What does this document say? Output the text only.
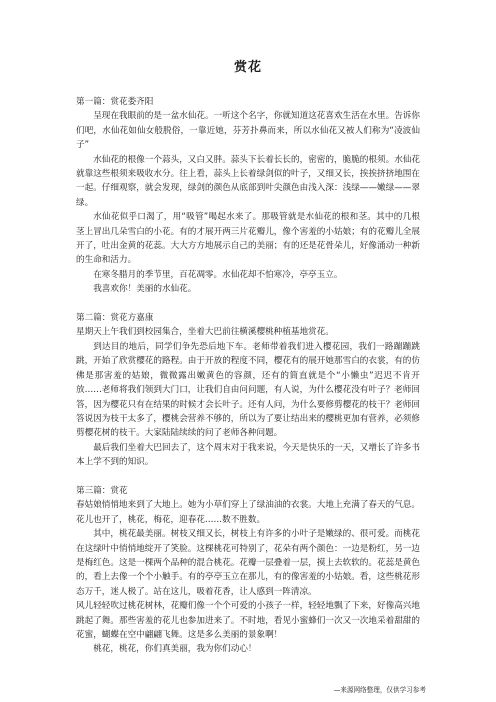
赏花

第一篇：赏花娄齐阳

呈现在我眼前的是一盆水仙花。一听这个名字，你就知道这花喜欢生活在水里。告诉你们吧，水仙花如仙女般脱俗，一靠近她，芬芳扑鼻而来，所以水仙花又被人们称为“凌波仙子”

水仙花的根像一个蒜头，又白又胖。蒜头下长着长长的，密密的，脆脆的根须。水仙花就靠这些根须来吸收水分。往上看，蒜头上长着绿剑似的叶子，又细又长，挨挨挤挤地围在一起。仔细观察，就会发现，绿剑的颜色从底部到叶尖颜色由浅入深：浅绿——嫩绿——翠绿。

水仙花似乎口渴了，用“吸管”喝起水来了。那吸管就是水仙花的根和茎。其中的几根茎上冒出几朵雪白的小花。有的才展开两三片花瓣儿，像个害羞的小姑娘；有的花瓣儿全展开了，吐出金黄的花蕊。大大方方地展示自己的美丽；有的还是花骨朵儿，好像涌动一种新的生命和活力。

在寒冬腊月的季节里，百花凋零。水仙花却不怕寒冷，亭亭玉立。

我喜欢你！美丽的水仙花。

第二篇：赏花方嘉康

星期天上午我们到校园集合，坐着大巴前往横溪樱桃种植基地赏花。

到达目的地后，同学们争先恐后地下车。老师带着我们进入樱花园，我们一路蹦蹦跳跳，开始了欣赏樱花的路程。由于开放的程度不同，樱花有的展开她那雪白的衣裳，有的仿佛是那害羞的姑娘，微微露出嫩黄色的容颜，还有的简直就是个“小懒虫”迟迟不肯开放……老师将我们领到大门口，让我们自由问问题，有人说，为什么樱花没有叶子？老师回答，因为樱花只有在结果的时候才会长叶子。还有人问，为什么要修剪樱花的枝干？老师回答说因为枝干太多了，樱桃会营养不够的，所以为了要让结出来的樱桃更加有营养，必须修剪樱花树的枝干。大家陆陆续续的问了老师各种问题。

最后我们坐着大巴回去了，这个周末对于我来说，今天是快乐的一天，又增长了许多书本上学不到的知识。

第三篇：赏花

春姑娘悄悄地来到了大地上。她为小草们穿上了绿油油的衣裳。大地上充满了春天的气息。花儿也开了，桃花，梅花，迎春花……数不胜数。

其中，桃花最美丽。树枝又细又长，树枝上有许多的小叶子是嫩绿的、很可爱。而桃花在这绿叶中悄悄地绽开了笑脸。这棵桃花可特别了，花朵有两个颜色：一边是粉红，另一边是梅红色。这是一棵两个品种的混合桃花。花瓣一层叠着一层，摸上去软软的。花蕊是黄色的，看上去像一个个小触手。有的亭亭玉立在那儿，有的像害羞的小姑娘。看，这些桃花形态万千，迷人极了。站在这儿，吸着花香，让人感到一阵清凉。

风儿轻轻吹过桃花树林，花瓣们像一个个可爱的小孩子一样，轻轻地飘了下来，好像高兴地跳起了舞。那些害羞的花儿也参加进来了。不时地，看见小蜜蜂们一次又一次地采着甜甜的花蜜，蝴蝶在空中翩翩飞舞。这是多么美丽的景象啊！

桃花，桃花，你们真美丽，我为你们动心！

—来源网络整理，仅供学习参考
